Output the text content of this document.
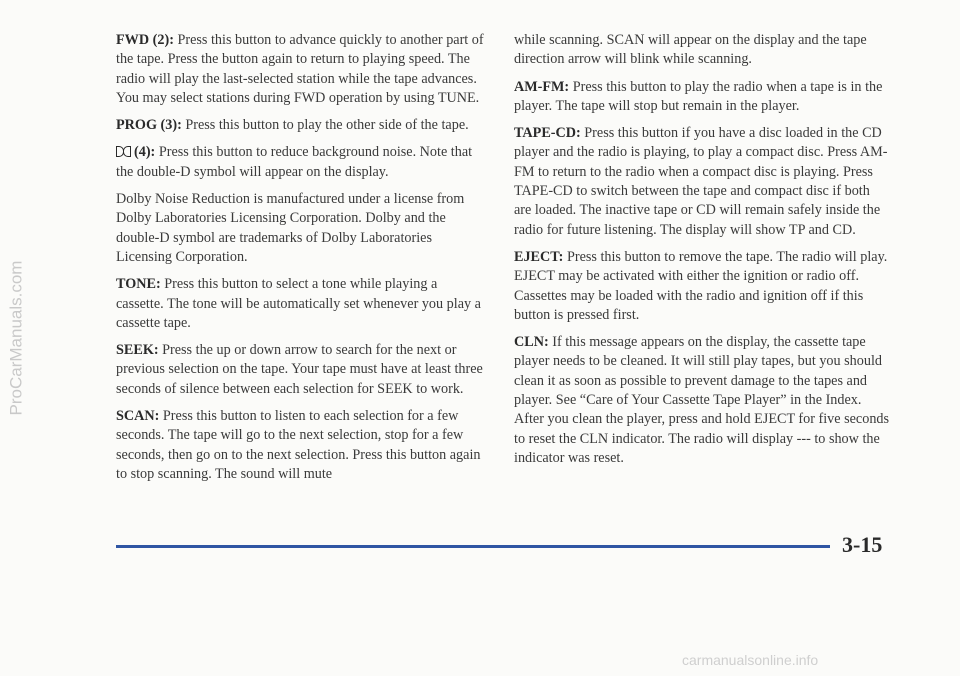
ProCarManuals.com

FWD (2): Press this button to advance quickly to another part of the tape. Press the button again to return to playing speed. The radio will play the last-selected station while the tape advances. You may select stations during FWD operation by using TUNE.

PROG (3): Press this button to play the other side of the tape.

(4): Press this button to reduce background noise. Note that the double-D symbol will appear on the display.

Dolby Noise Reduction is manufactured under a license from Dolby Laboratories Licensing Corporation. Dolby and the double-D symbol are trademarks of Dolby Laboratories Licensing Corporation.

TONE: Press this button to select a tone while playing a cassette. The tone will be automatically set whenever you play a cassette tape.

SEEK: Press the up or down arrow to search for the next or previous selection on the tape. Your tape must have at least three seconds of silence between each selection for SEEK to work.

SCAN: Press this button to listen to each selection for a few seconds. The tape will go to the next selection, stop for a few seconds, then go on to the next selection. Press this button again to stop scanning. The sound will mute

while scanning. SCAN will appear on the display and the tape direction arrow will blink while scanning.

AM-FM: Press this button to play the radio when a tape is in the player. The tape will stop but remain in the player.

TAPE-CD: Press this button if you have a disc loaded in the CD player and the radio is playing, to play a compact disc. Press AM-FM to return to the radio when a compact disc is playing. Press TAPE-CD to switch between the tape and compact disc if both are loaded. The inactive tape or CD will remain safely inside the radio for future listening. The display will show TP and CD.

EJECT: Press this button to remove the tape. The radio will play. EJECT may be activated with either the ignition or radio off. Cassettes may be loaded with the radio and ignition off if this button is pressed first.

CLN: If this message appears on the display, the cassette tape player needs to be cleaned. It will still play tapes, but you should clean it as soon as possible to prevent damage to the tapes and player. See “Care of Your Cassette Tape Player” in the Index. After you clean the player, press and hold EJECT for five seconds to reset the CLN indicator. The radio will display --- to show the indicator was reset.

3-15
carmanualsonline.info
